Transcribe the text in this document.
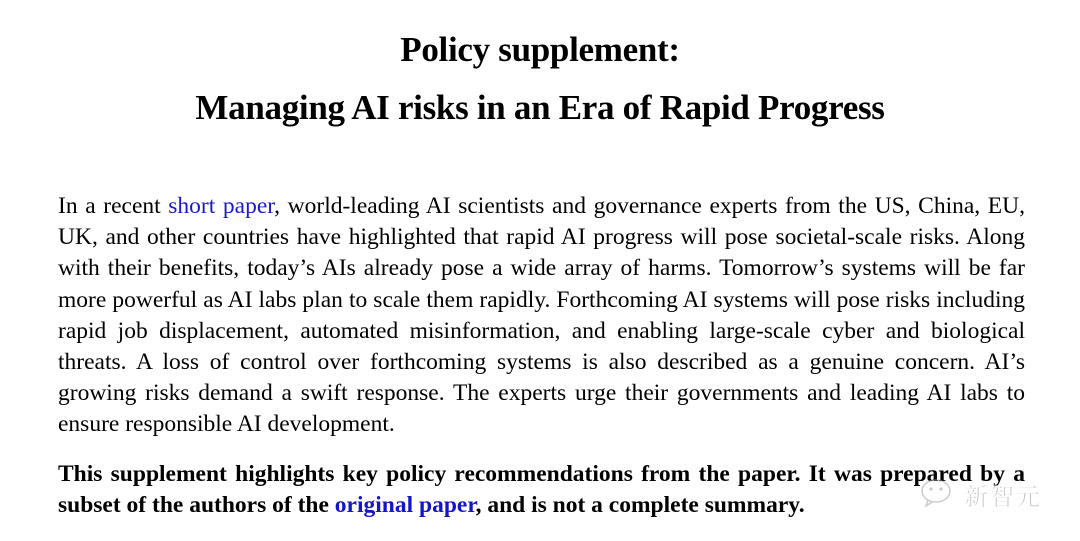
Policy supplement:
Managing AI risks in an Era of Rapid Progress

In a recent short paper, world-leading AI scientists and governance experts from the US, China, EU, UK, and other countries have highlighted that rapid AI progress will pose societal-scale risks. Along with their benefits, today’s AIs already pose a wide array of harms. Tomorrow’s systems will be far more powerful as AI labs plan to scale them rapidly. Forthcoming AI systems will pose risks including rapid job displacement, automated misinformation, and enabling large-scale cyber and biological threats. A loss of control over forthcoming systems is also described as a genuine concern. AI’s growing risks demand a swift response. The experts urge their governments and leading AI labs to ensure responsible AI development.

This supplement highlights key policy recommendations from the paper. It was prepared by a subset of the authors of the original paper, and is not a complete summary.	新智元
